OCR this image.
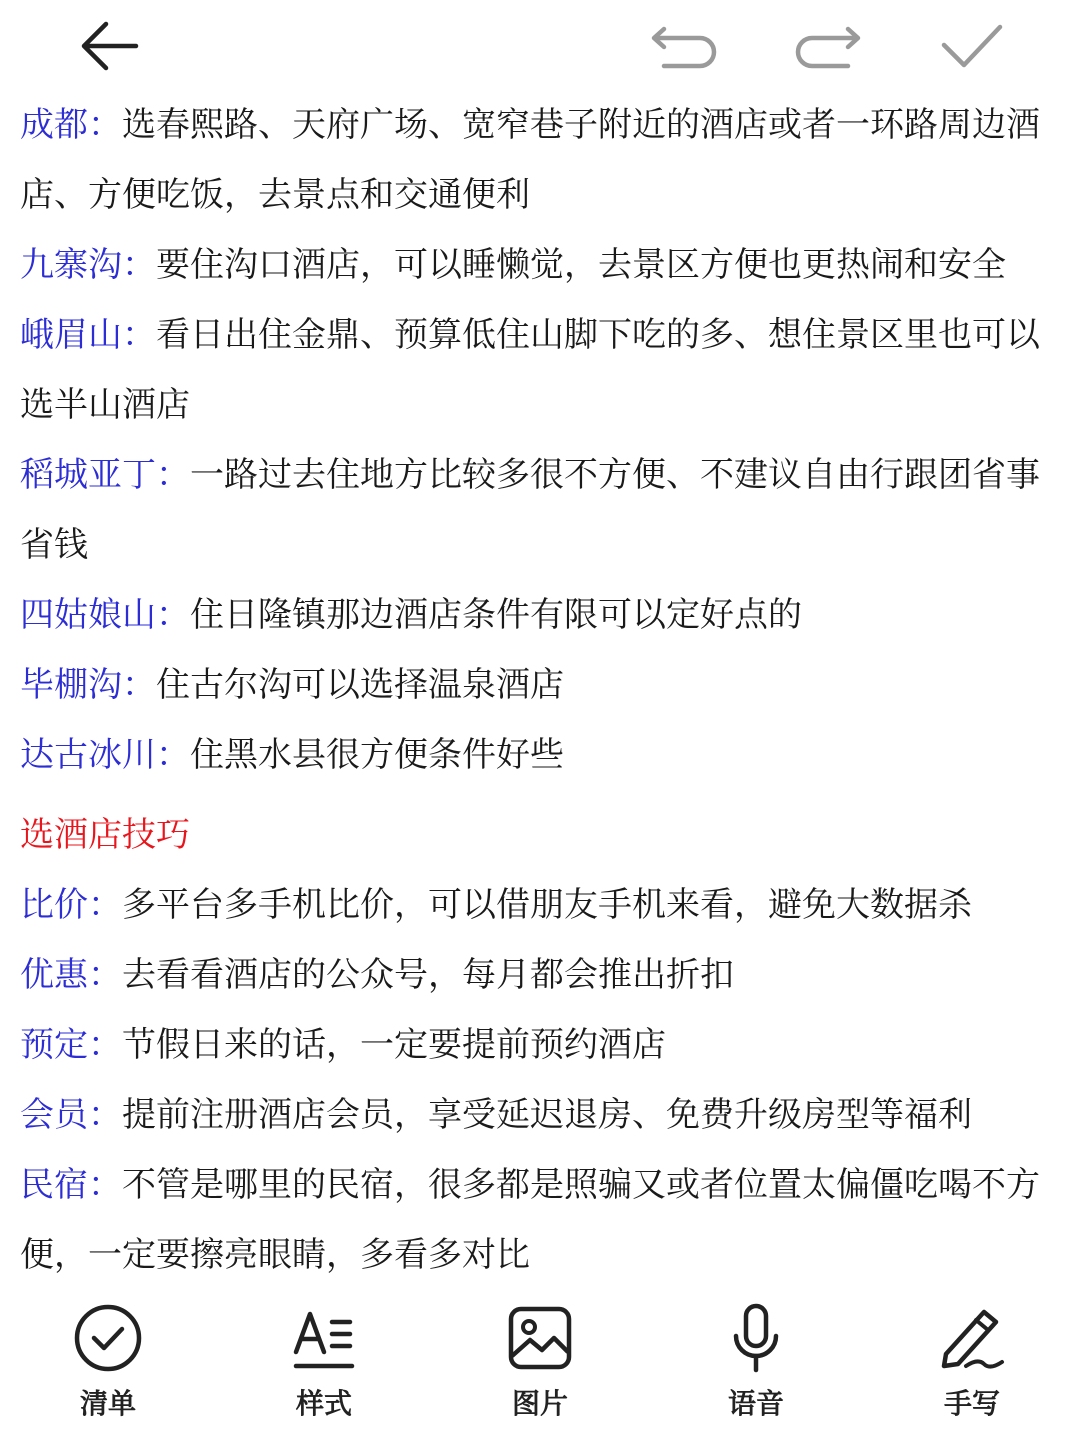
成都：选春熙路、天府广场、宽窄巷子附近的酒店或者一环路周边酒店、方便吃饭，去景点和交通便利

九寨沟：要住沟口酒店，可以睡懒觉，去景区方便也更热闹和安全

峨眉山：看日出住金鼎、预算低住山脚下吃的多、想住景区里也可以选半山酒店

稻城亚丁：一路过去住地方比较多很不方便、不建议自由行跟团省事省钱

四姑娘山：住日隆镇那边酒店条件有限可以定好点的

毕棚沟：住古尔沟可以选择温泉酒店

达古冰川：住黑水县很方便条件好些

选酒店技巧

比价：多平台多手机比价，可以借朋友手机来看，避免大数据杀

优惠：去看看酒店的公众号，每月都会推出折扣

预定：节假日来的话，一定要提前预约酒店

会员：提前注册酒店会员，享受延迟退房、免费升级房型等福利

民宿：不管是哪里的民宿，很多都是照骗又或者位置太偏僵吃喝不方便，一定要擦亮眼睛，多看多对比

清单	样式	图片	语音	手写
